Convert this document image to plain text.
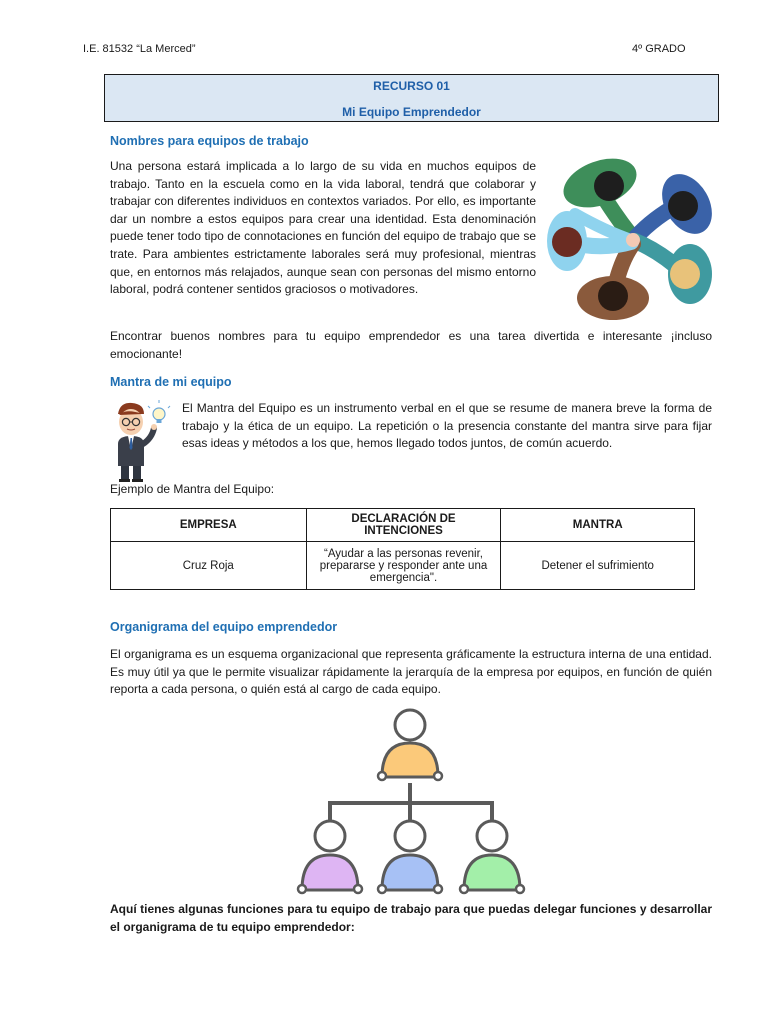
I.E. 81532 “La Merced”	4º GRADO
RECURSO 01
Mi Equipo Emprendedor
Nombres para equipos de trabajo
Una persona estará implicada a lo largo de su vida en muchos equipos de trabajo. Tanto en la escuela como en la vida laboral, tendrá que colaborar y trabajar con diferentes individuos en contextos variados. Por ello, es importante dar un nombre a estos equipos para crear una identidad. Esta denominación puede tener todo tipo de connotaciones en función del equipo de trabajo que se trate. Para ambientes estrictamente laborales será muy profesional, mientras que, en entornos más relajados, aunque sean con personas del mismo entorno laboral, podrá contener sentidos graciosos o motivadores.
Encontrar buenos nombres para tu equipo emprendedor es una tarea divertida e interesante ¡incluso emocionante!
Mantra de mi equipo
El Mantra del Equipo es un instrumento verbal en el que se resume de manera breve la forma de trabajo y la ética de un equipo. La repetición o la presencia constante del mantra sirve para fijar esas ideas y métodos a los que, hemos llegado todos juntos, de común acuerdo.
Ejemplo de Mantra del Equipo:
EMPRESA	DECLARACIÓN DE INTENCIONES	MANTRA
Cruz Roja	“Ayudar a las personas revenir, prepararse y responder ante una emergencia".	Detener el sufrimiento
Organigrama del equipo emprendedor
El organigrama es un esquema organizacional que representa gráficamente la estructura interna de una entidad. Es muy útil ya que le permite visualizar rápidamente la jerarquía de la empresa por equipos, en función de quién reporta a cada persona, o quién está al cargo de cada equipo.
Aquí tienes algunas funciones para tu equipo de trabajo para que puedas delegar funciones y desarrollar el organigrama de tu equipo emprendedor:
